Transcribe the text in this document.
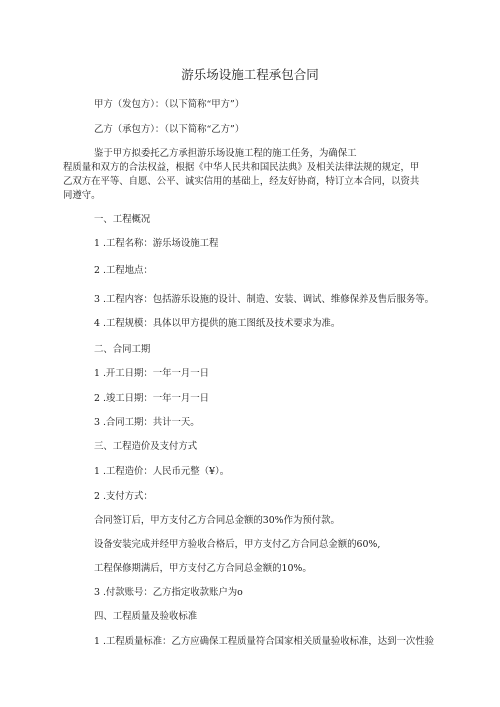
游乐场设施工程承包合同
甲方（发包方）：（以下简称“甲方”）
乙方（承包方）：（以下简称“乙方”）
鉴于甲方拟委托乙方承担游乐场设施工程的施工任务，为确保工
程质量和双方的合法权益，根据《中华人民共和国民法典》及相关法律法规的规定，甲
乙双方在平等、自愿、公平、诚实信用的基础上，经友好协商，特订立本合同，以资共
同遵守。
一、工程概况
1 .工程名称：游乐场设施工程
2 .工程地点：
3 .工程内容：包括游乐设施的设计、制造、安装、调试、维修保养及售后服务等。
4 .工程规模：具体以甲方提供的施工图纸及技术要求为准。
二、合同工期
1 .开工日期：一年一月一日
2 .竣工日期：一年一月一日
3 .合同工期：共计一天。
三、工程造价及支付方式
1 .工程造价：人民币元整（¥）。
2 .支付方式：
合同签订后，甲方支付乙方合同总金额的30%作为预付款。
设备安装完成并经甲方验收合格后，甲方支付乙方合同总金额的60%,
工程保修期满后，甲方支付乙方合同总金额的10%。
3 .付款账号：乙方指定收款账户为o
四、工程质量及验收标准
1 .工程质量标准：乙方应确保工程质量符合国家相关质量验收标准，达到一次性验
